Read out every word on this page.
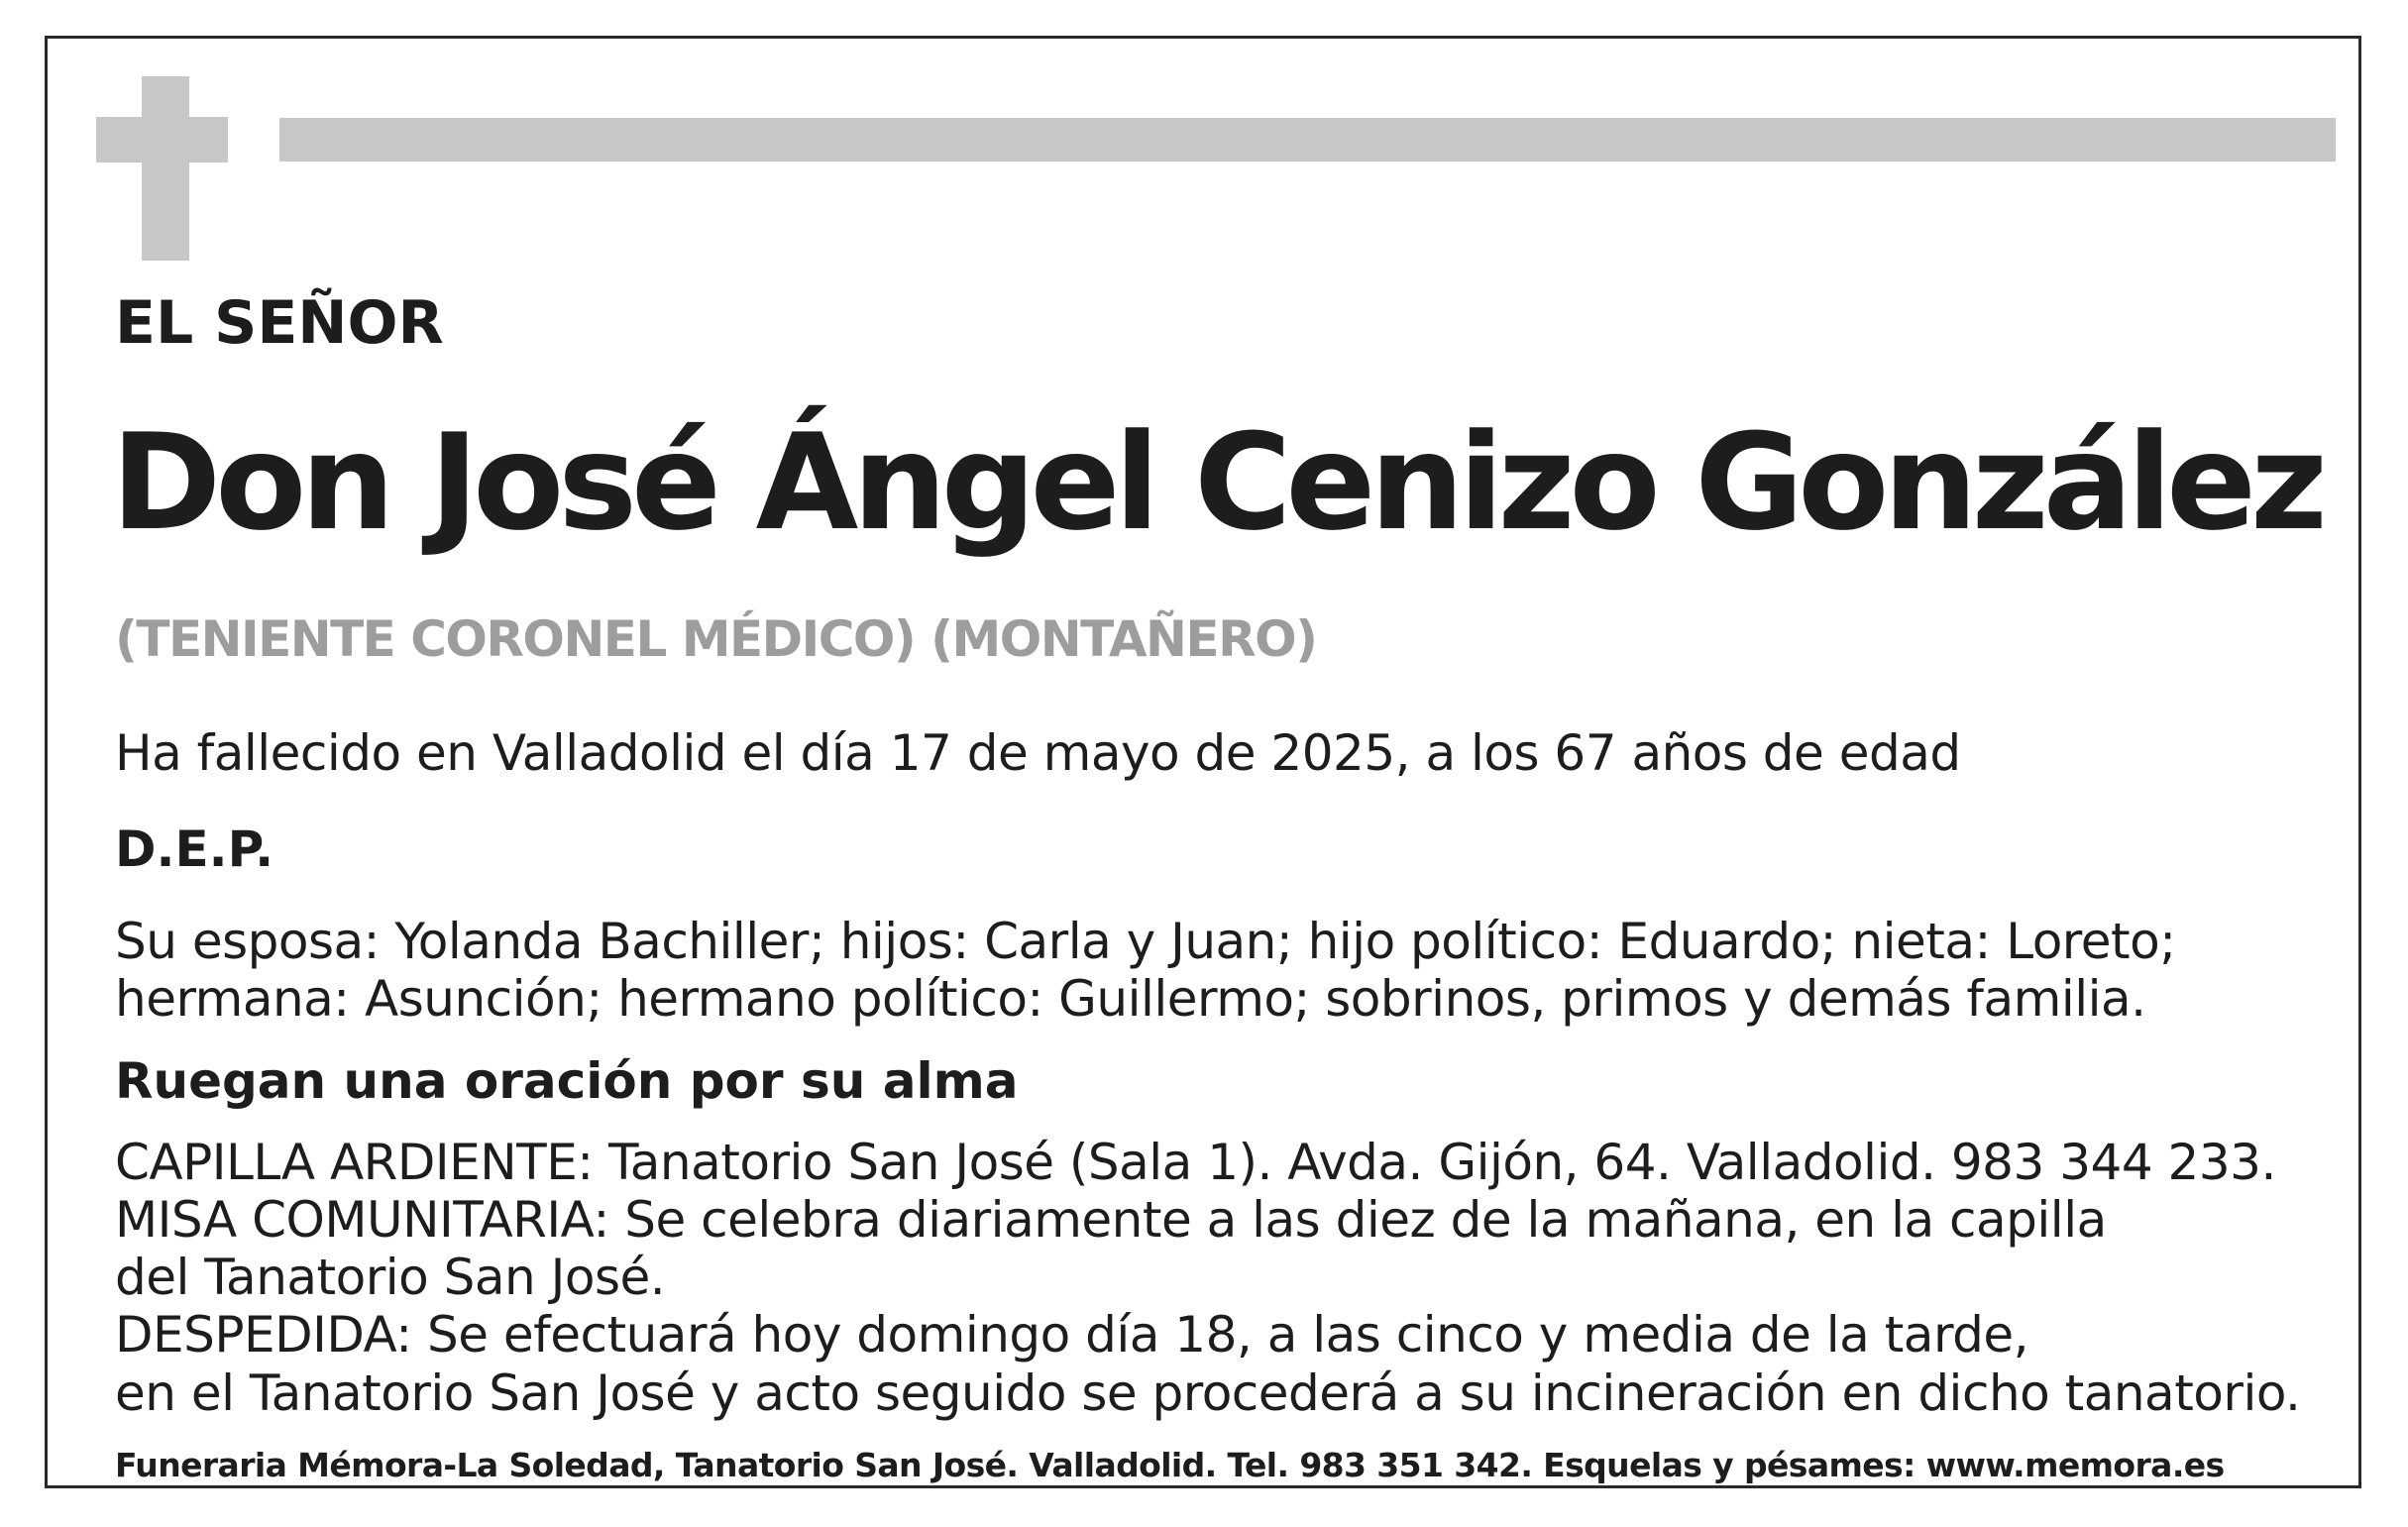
EL SEÑOR
Don José Ángel Cenizo González
(TENIENTE CORONEL MÉDICO) (MONTAÑERO)
Ha fallecido en Valladolid el día 17 de mayo de 2025, a los 67 años de edad
D.E.P.
Su esposa: Yolanda Bachiller; hijos: Carla y Juan; hijo político: Eduardo; nieta: Loreto;
hermana: Asunción; hermano político: Guillermo; sobrinos, primos y demás familia.
Ruegan una oración por su alma
CAPILLA ARDIENTE: Tanatorio San José (Sala 1). Avda. Gijón, 64. Valladolid. 983 344 233.
MISA COMUNITARIA: Se celebra diariamente a las diez de la mañana, en la capilla
del Tanatorio San José.
DESPEDIDA: Se efectuará hoy domingo día 18, a las cinco y media de la tarde,
en el Tanatorio San José y acto seguido se procederá a su incineración en dicho tanatorio.
Funeraria Mémora-La Soledad, Tanatorio San José. Valladolid. Tel. 983 351 342. Esquelas y pésames: www.memora.es
